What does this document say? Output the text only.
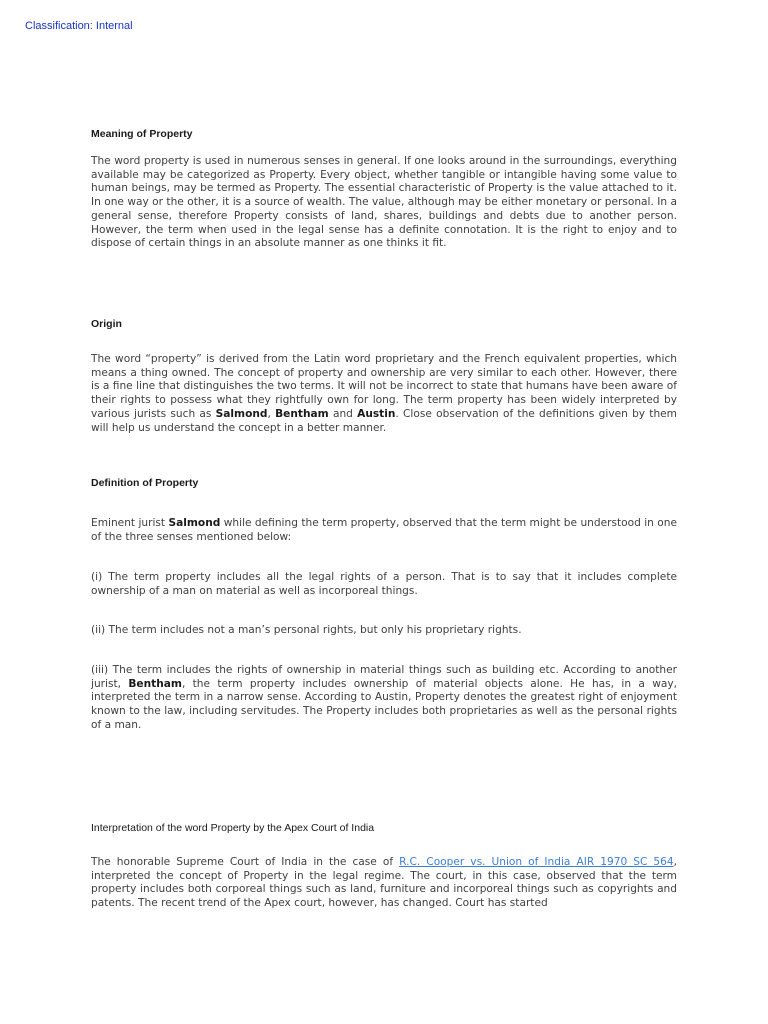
Classification: Internal
Meaning of Property

The word property is used in numerous senses in general. If one looks around in the surroundings, everything available may be categorized as Property. Every object, whether tangible or intangible having some value to human beings, may be termed as Property. The essential characteristic of Property is the value attached to it. In one way or the other, it is a source of wealth. The value, although may be either monetary or personal. In a general sense, therefore Property consists of land, shares, buildings and debts due to another person. However, the term when used in the legal sense has a definite connotation. It is the right to enjoy and to dispose of certain things in an absolute manner as one thinks it fit.

Origin

The word “property” is derived from the Latin word proprietary and the French equivalent properties, which means a thing owned. The concept of property and ownership are very similar to each other. However, there is a fine line that distinguishes the two terms. It will not be incorrect to state that humans have been aware of their rights to possess what they rightfully own for long. The term property has been widely interpreted by various jurists such as Salmond, Bentham and Austin. Close observation of the definitions given by them will help us understand the concept in a better manner.

Definition of Property

Eminent jurist Salmond while defining the term property, observed that the term might be understood in one of the three senses mentioned below:

(i) The term property includes all the legal rights of a person. That is to say that it includes complete ownership of a man on material as well as incorporeal things.

(ii) The term includes not a man’s personal rights, but only his proprietary rights.

(iii) The term includes the rights of ownership in material things such as building etc. According to another jurist, Bentham, the term property includes ownership of material objects alone. He has, in a way, interpreted the term in a narrow sense. According to Austin, Property denotes the greatest right of enjoyment known to the law, including servitudes. The Property includes both proprietaries as well as the personal rights of a man.

Interpretation of the word Property by the Apex Court of India

The honorable Supreme Court of India in the case of R.C. Cooper vs. Union of India AIR 1970 SC 564, interpreted the concept of Property in the legal regime. The court, in this case, observed that the term property includes both corporeal things such as land, furniture and incorporeal things such as copyrights and patents. The recent trend of the Apex court, however, has changed. Court has started
